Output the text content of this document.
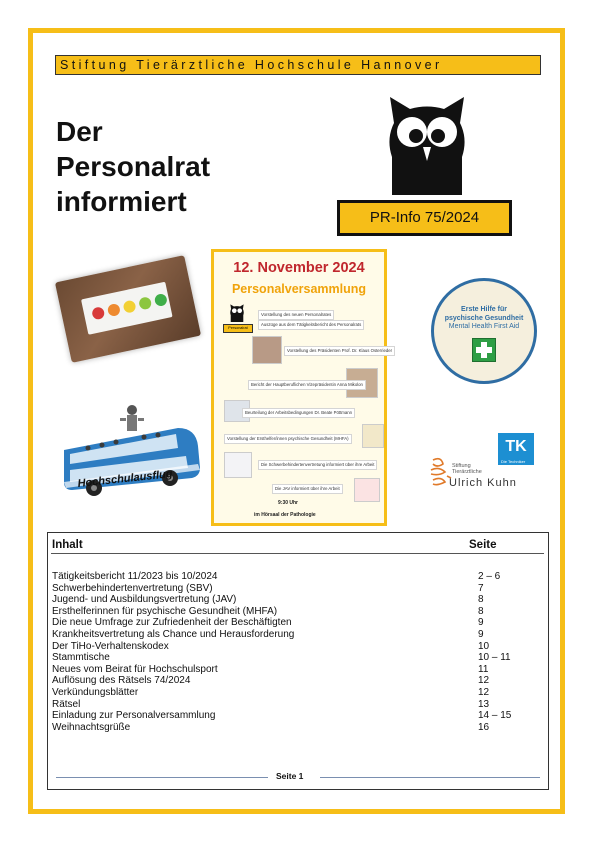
Stiftung Tierärztliche Hochschule Hannover
Der
Personalrat
informiert
PR-Info 75/2024
Hochschulausflug
12. November 2024
Personalversammlung
Personalrat
Vorstellung des neuen Personalrates
Auszüge aus dem Tätigkeitsbericht des Personalrats
Vorstellung des Präsidenten Prof. Dr. Klaus Osterrieder
Bericht der Hauptberuflichen Vizepräsidentin Anna Mikolon
Beurteilung der Arbeitsbedingungen Dr. Beate Pöttmann
Vorstellung der Ersthelfer/innen psychische Gesundheit (MHFA)
Die Schwerbehindertenvertretung informiert über ihre Arbeit
Die JAV informiert über ihre Arbeit
9:30 Uhr
im Hörsaal der Pathologie
Erste Hilfe für
psychische Gesundheit
Mental Health First Aid
TK
Die Techniker
Stiftung Tierärztliche
Ulrich Kuhn
Inhalt	Seite
Tätigkeitsbericht 11/2023 bis 10/2024	2 – 6
Schwerbehindertenvertretung (SBV)	7
Jugend- und Ausbildungsvertretung (JAV)	8
Ersthelferinnen für psychische Gesundheit (MHFA)	8
Die neue Umfrage zur Zufriedenheit der Beschäftigten	9
Krankheitsvertretung als Chance und Herausforderung	9
Der TiHo-Verhaltenskodex	10
Stammtische	10 – 11
Neues vom Beirat für Hochschulsport	11
Auflösung des Rätsels 74/2024	12
Verkündungsblätter	12
Rätsel	13
Einladung zur Personalversammlung	14 – 15
Weihnachtsgrüße	16
Seite 1
